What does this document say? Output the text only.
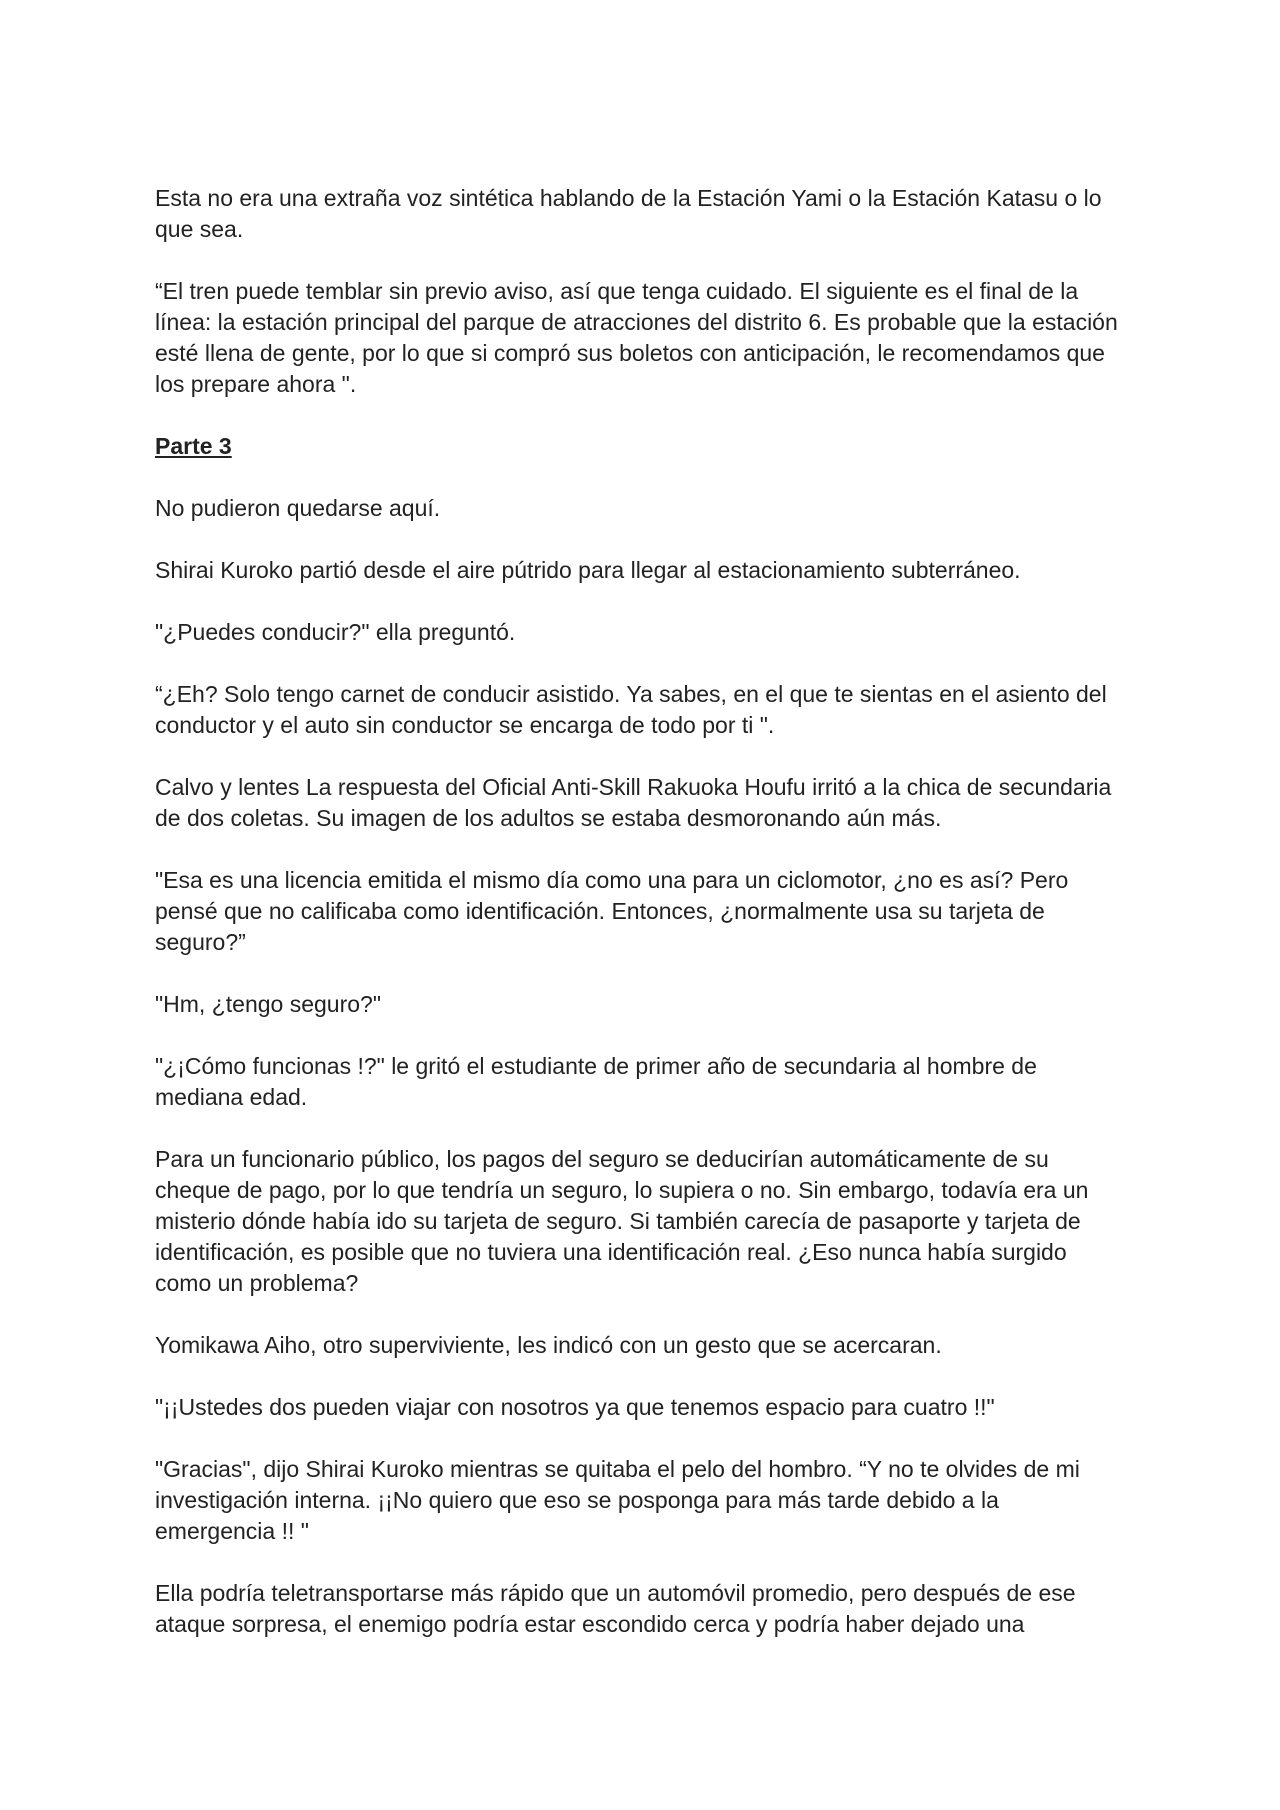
Esta no era una extraña voz sintética hablando de la Estación Yami o la Estación Katasu o lo que sea.

“El tren puede temblar sin previo aviso, así que tenga cuidado. El siguiente es el final de la línea: la estación principal del parque de atracciones del distrito 6. Es probable que la estación esté llena de gente, por lo que si compró sus boletos con anticipación, le recomendamos que los prepare ahora ".

Parte 3

No pudieron quedarse aquí.

Shirai Kuroko partió desde el aire pútrido para llegar al estacionamiento subterráneo.

"¿Puedes conducir?" ella preguntó.

“¿Eh? Solo tengo carnet de conducir asistido. Ya sabes, en el que te sientas en el asiento del conductor y el auto sin conductor se encarga de todo por ti ".

Calvo y lentes La respuesta del Oficial Anti-Skill Rakuoka Houfu irritó a la chica de secundaria de dos coletas. Su imagen de los adultos se estaba desmoronando aún más.

"Esa es una licencia emitida el mismo día como una para un ciclomotor, ¿no es así? Pero pensé que no calificaba como identificación. Entonces, ¿normalmente usa su tarjeta de seguro?”

"Hm, ¿tengo seguro?"

"¿¡Cómo funcionas !?" le gritó el estudiante de primer año de secundaria al hombre de mediana edad.

Para un funcionario público, los pagos del seguro se deducirían automáticamente de su cheque de pago, por lo que tendría un seguro, lo supiera o no. Sin embargo, todavía era un misterio dónde había ido su tarjeta de seguro. Si también carecía de pasaporte y tarjeta de identificación, es posible que no tuviera una identificación real. ¿Eso nunca había surgido como un problema?

Yomikawa Aiho, otro superviviente, les indicó con un gesto que se acercaran.

"¡¡Ustedes dos pueden viajar con nosotros ya que tenemos espacio para cuatro !!"

"Gracias", dijo Shirai Kuroko mientras se quitaba el pelo del hombro. “Y no te olvides de mi investigación interna. ¡¡No quiero que eso se posponga para más tarde debido a la emergencia !! "

Ella podría teletransportarse más rápido que un automóvil promedio, pero después de ese ataque sorpresa, el enemigo podría estar escondido cerca y podría haber dejado una
